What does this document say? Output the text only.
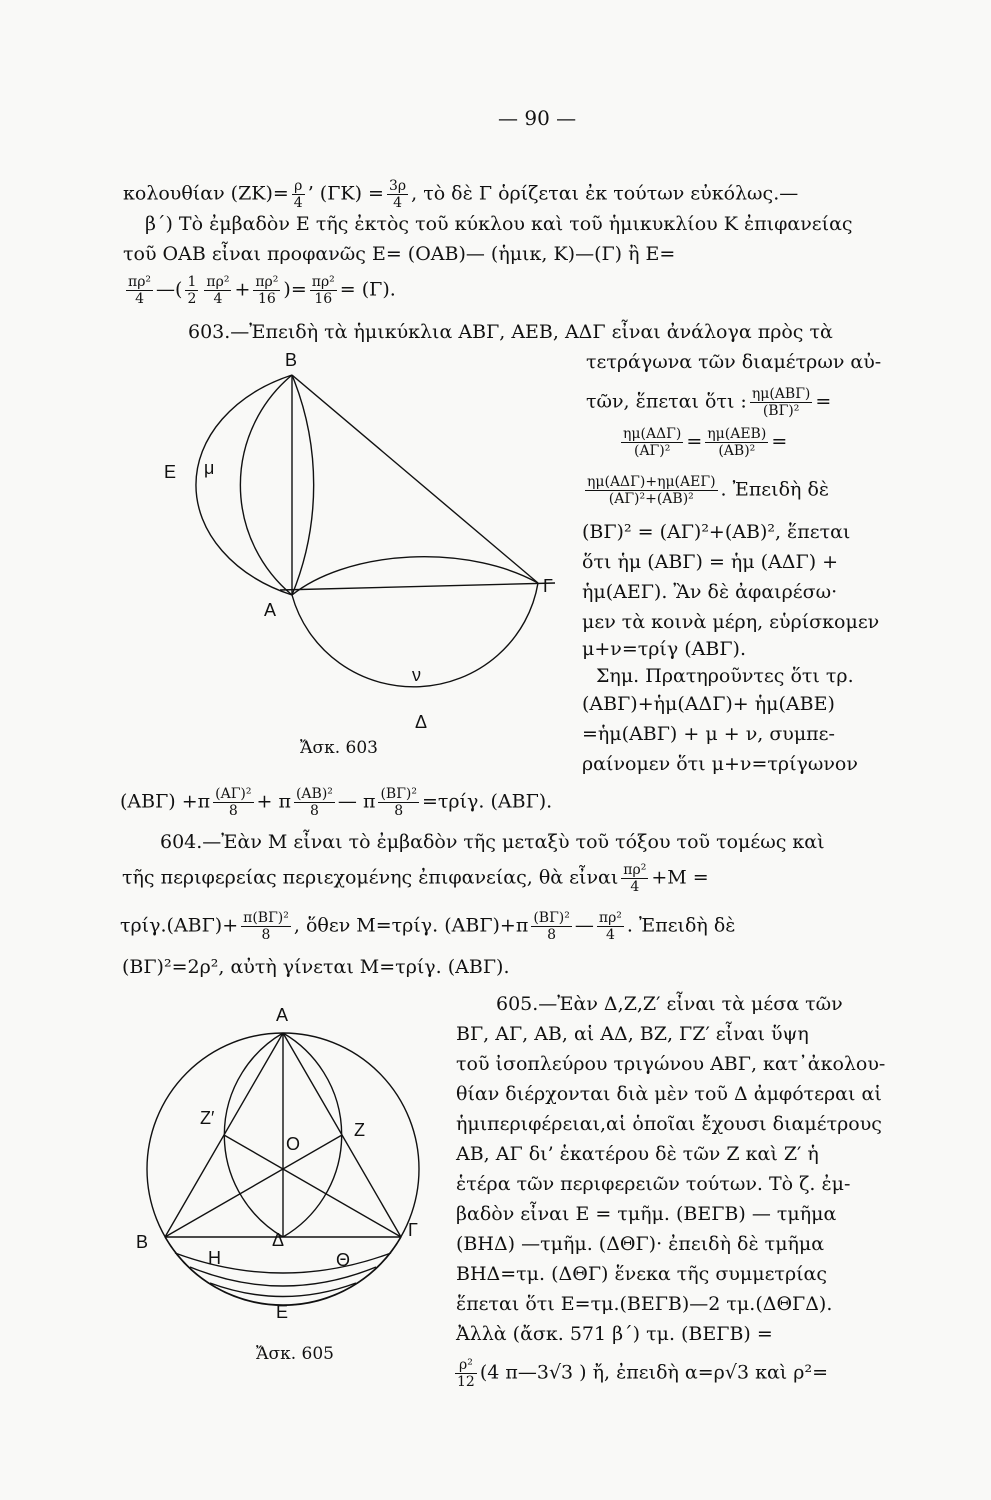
— 90 —
κολουθίαν $(ZK)= \frac{\rho}{4}$ ’ $(\Gamma K) = \frac{3\rho}{4}$ , τὸ δὲ Γ ὁρίζεται ἐκ τούτων εὐκόλως.—
β΄) Τὸ ἐμβαδὸν Ε τῆς ἐκτὸς τοῦ κύκλου καὶ τοῦ ἡμικυκλίου Κ ἐπιφανείας
τοῦ ΟΑΒ εἶναι προφανῶς Ε= (ΟΑΒ)— (ἡμικ, Κ)—(Γ) ἢ Ε=
$\frac{\text{πρ²}}{4}$ —( $\frac{1}{2} \frac{\text{πρ²}}{4} + \frac{\text{πρ²}}{16}$ )= $\frac{\text{πρ²}}{16} = (\Gamma)$.
603.—Ἐπειδὴ τὰ ἡμικύκλια ΑΒΓ, ΑΕΒ, ΑΔΓ εἶναι ἀνάλογα πρὸς τὰ
τετράγωνα τῶν διαμέτρων αὐ-
τῶν, ἕπεται ὅτι : $\frac{\text{ημ(ΑΒΓ)}}{\text{(ΒΓ)²}}$ =
$\frac{\text{ημ(ΑΔΓ)}}{\text{(ΑΓ)²}} = \frac{\text{ημ(ΑΕΒ)}}{\text{(ΑΒ)²}}$ =
$\frac{\text{ημ(ΑΔΓ)+ημ(ΑΕΓ)}}{\text{(ΑΓ)²+(ΑΒ)²}}$ . Ἐπειδὴ δὲ
(ΒΓ)² = (ΑΓ)²+(ΑΒ)², ἕπεται
ὅτι ἡμ (ΑΒΓ) = ἡμ (ΑΔΓ) +
ἡμ(ΑΕΓ). Ἂν δὲ ἀφαιρέσω·
μεν τὰ κοινὰ μέρη, εὑρίσκομεν
μ+ν=τρίγ (ΑΒΓ).
Σημ. Πρατηροῦντες ὅτι τρ.
(ΑΒΓ)+ἡμ(ΑΔΓ)+ ἡμ(ΑΒΕ)
=ἡμ(ΑΒΓ) + μ + ν, συμπε-
ραίνομεν ὅτι μ+ν=τρίγωνον
B
E μ
A
Γ
ν
Δ
Ἄσκ. 603
$(AB\Gamma) +\pi \frac{\text{(ΑΓ)²}}{8} + \pi \frac{\text{(ΑΒ)²}}{8}$ — π $\frac{\text{(ΒΓ)²}}{8} =\tau\rho ί\gamma$. (ΑΒΓ).
604.—Ἐὰν Μ εἶναι τὸ ἐμβαδὸν τῆς μεταξὺ τοῦ τόξου τοῦ τομέως καὶ
τῆς περιφερείας περιεχομένης ἐπιφανείας, θὰ εἶναι $\frac{\text{πρ²}}{4} +M$ =
$\tau\rho ί\gamma.(AB\Gamma)+ \frac{\text{π(ΒΓ)²}}{8}$ , ὅθεν Μ=τρίγ. $(AB\Gamma)+\pi \frac{\text{(ΒΓ)²}}{8}$ — $\frac{\text{πρ²}}{4}$ . Ἐπειδὴ δὲ
(ΒΓ)²=2ρ², αὐτὴ γίνεται Μ=τρίγ. (ΑΒΓ).
605.—Ἐὰν Δ,Ζ,Ζ′ εἶναι τὰ μέσα τῶν
ΒΓ, ΑΓ, ΑΒ, αἱ ΑΔ, ΒΖ, ΓΖ′ εἶναι ὕψη
τοῦ ἰσοπλεύρου τριγώνου ΑΒΓ, κατ᾽ἀκολου-
θίαν διέρχονται διὰ μὲν τοῦ Δ ἀμφότεραι αἱ
ἡμιπεριφέρειαι,αἱ ὁποῖαι ἔχουσι διαμέτρους
ΑΒ, ΑΓ δι’ ἑκατέρου δὲ τῶν Ζ καὶ Ζ′ ἡ
ἑτέρα τῶν περιφερειῶν τούτων. Τὸ ζ. ἐμ-
βαδὸν εἶναι Ε = τμῆμ. (ΒΕΓΒ) — τμῆμα
(ΒΗΔ) —τμῆμ. (ΔΘΓ)· ἐπειδὴ δὲ τμῆμα
ΒΗΔ=τμ. (ΔΘΓ) ἕνεκα τῆς συμμετρίας
ἕπεται ὅτι Ε=τμ.(ΒΕΓΒ)—2 τμ.(ΔΘΓΔ).
Ἀλλὰ (ἄσκ. 571 β΄) τμ. (ΒΕΓΒ) =
$\frac{\text{ρ²}}{12} (4$ π—3√3 ) ἤ, ἐπειδὴ α=ρ√3 καὶ ρ²=
A
Z′
Z
O
B
Γ
H
Δ
Θ
E
Ἄσκ. 605
